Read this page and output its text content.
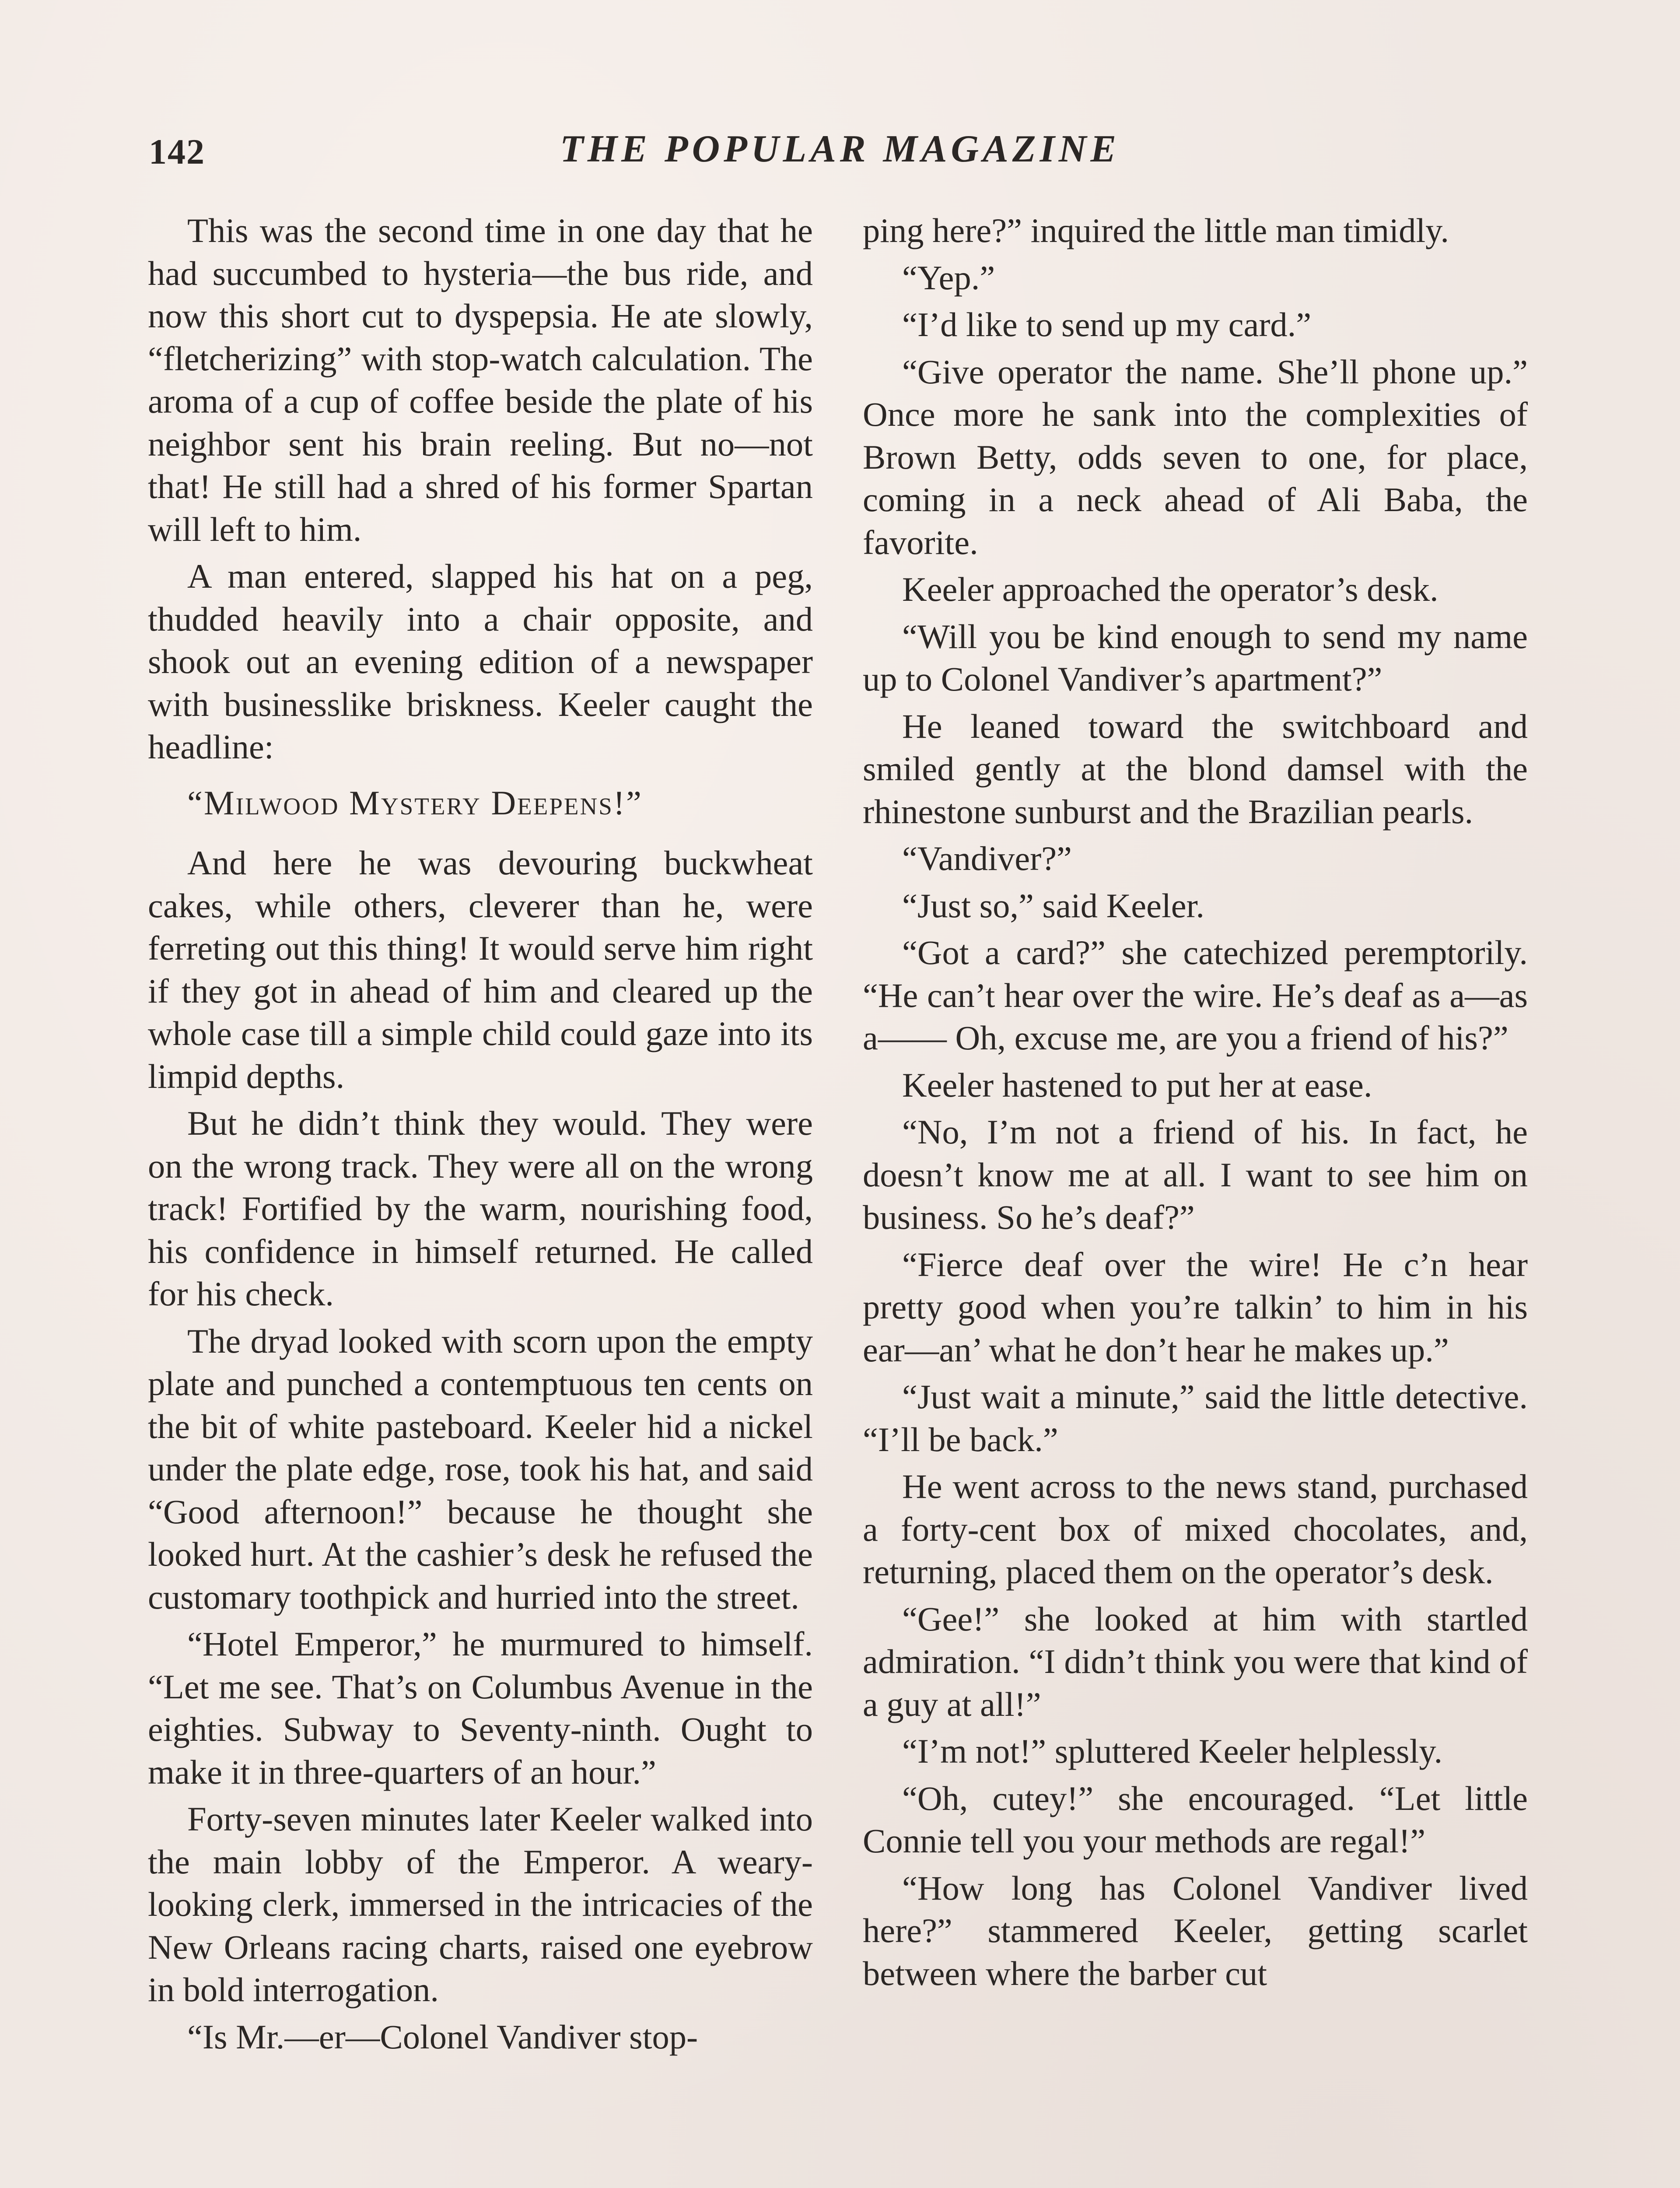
142	THE POPULAR MAGAZINE

This was the second time in one day that he had succumbed to hysteria—the bus ride, and now this short cut to dyspepsia. He ate slowly, “fletcherizing” with stop-watch calculation. The aroma of a cup of coffee beside the plate of his neighbor sent his brain reeling. But no—not that! He still had a shred of his former Spartan will left to him.

A man entered, slapped his hat on a peg, thudded heavily into a chair opposite, and shook out an evening edition of a newspaper with businesslike briskness. Keeler caught the headline:

“Milwood Mystery Deepens!”

And here he was devouring buckwheat cakes, while others, cleverer than he, were ferreting out this thing! It would serve him right if they got in ahead of him and cleared up the whole case till a simple child could gaze into its limpid depths.

But he didn’t think they would. They were on the wrong track. They were all on the wrong track! Fortified by the warm, nourishing food, his confidence in himself returned. He called for his check.

The dryad looked with scorn upon the empty plate and punched a contemptuous ten cents on the bit of white pasteboard. Keeler hid a nickel under the plate edge, rose, took his hat, and said “Good afternoon!” because he thought she looked hurt. At the cashier’s desk he refused the customary toothpick and hurried into the street.

“Hotel Emperor,” he murmured to himself. “Let me see. That’s on Columbus Avenue in the eighties. Subway to Seventy-ninth. Ought to make it in three-quarters of an hour.”

Forty-seven minutes later Keeler walked into the main lobby of the Emperor. A weary-looking clerk, immersed in the intricacies of the New Orleans racing charts, raised one eyebrow in bold interrogation.

“Is Mr.—er—Colonel Vandiver stop-

ping here?” inquired the little man timidly.

“Yep.”

“I’d like to send up my card.”

“Give operator the name. She’ll phone up.” Once more he sank into the complexities of Brown Betty, odds seven to one, for place, coming in a neck ahead of Ali Baba, the favorite.

Keeler approached the operator’s desk.

“Will you be kind enough to send my name up to Colonel Vandiver’s apartment?”

He leaned toward the switchboard and smiled gently at the blond damsel with the rhinestone sunburst and the Brazilian pearls.

“Vandiver?”

“Just so,” said Keeler.

“Got a card?” she catechized peremptorily. “He can’t hear over the wire. He’s deaf as a—as a—— Oh, excuse me, are you a friend of his?”

Keeler hastened to put her at ease.

“No, I’m not a friend of his. In fact, he doesn’t know me at all. I want to see him on business. So he’s deaf?”

“Fierce deaf over the wire! He c’n hear pretty good when you’re talkin’ to him in his ear—an’ what he don’t hear he makes up.”

“Just wait a minute,” said the little detective. “I’ll be back.”

He went across to the news stand, purchased a forty-cent box of mixed chocolates, and, returning, placed them on the operator’s desk.

“Gee!” she looked at him with startled admiration. “I didn’t think you were that kind of a guy at all!”

“I’m not!” spluttered Keeler helplessly.

“Oh, cutey!” she encouraged. “Let little Connie tell you your methods are regal!”

“How long has Colonel Vandiver lived here?” stammered Keeler, getting scarlet between where the barber cut
